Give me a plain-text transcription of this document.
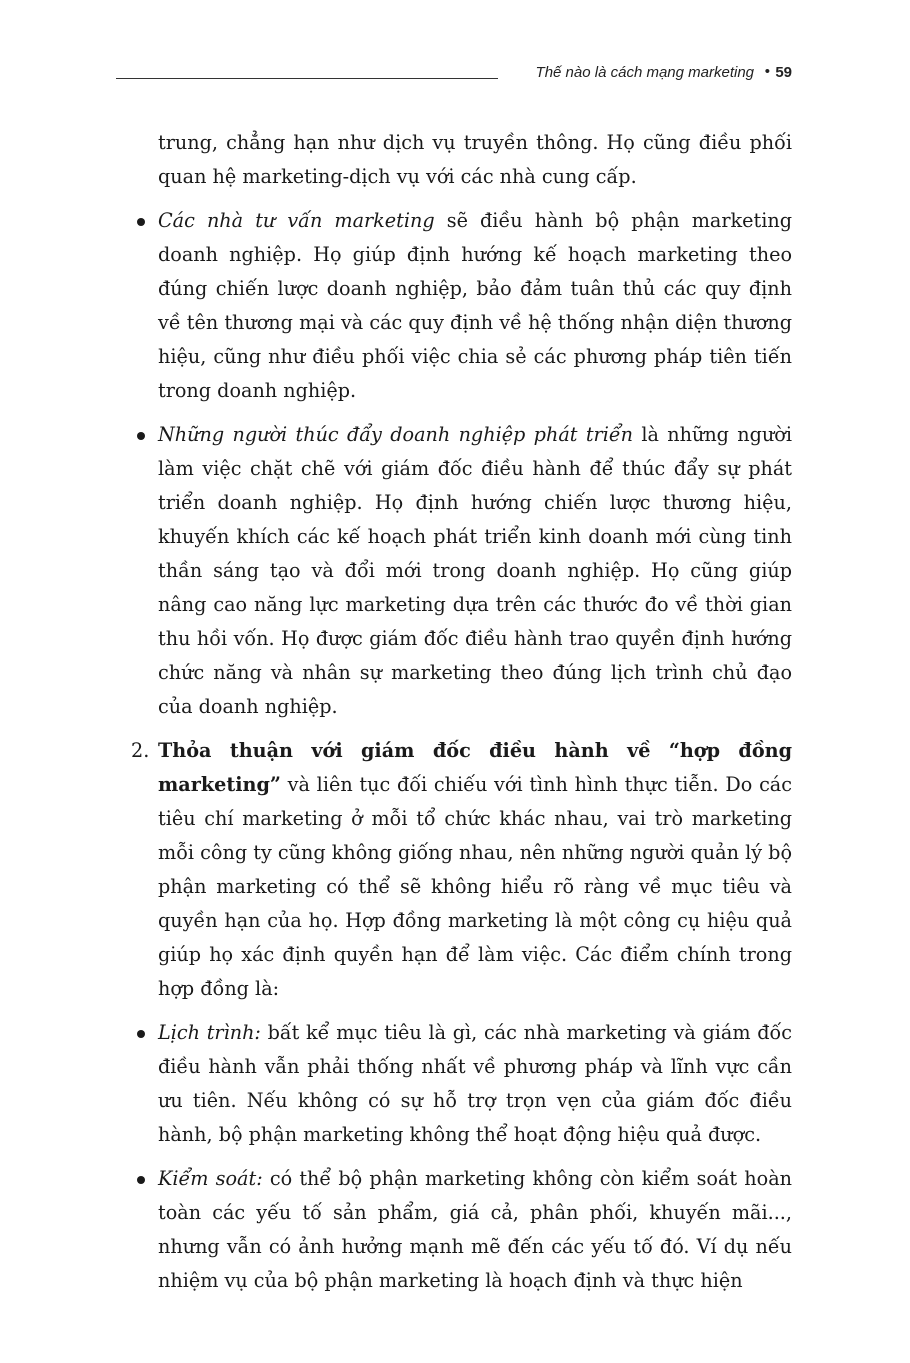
Thế nào là cách mạng marketing • 59

trung, chẳng hạn như dịch vụ truyền thông. Họ cũng điều phối quan hệ marketing-dịch vụ với các nhà cung cấp.

Các nhà tư vấn marketing sẽ điều hành bộ phận marketing doanh nghiệp. Họ giúp định hướng kế hoạch marketing theo đúng chiến lược doanh nghiệp, bảo đảm tuân thủ các quy định về tên thương mại và các quy định về hệ thống nhận diện thương hiệu, cũng như điều phối việc chia sẻ các phương pháp tiên tiến trong doanh nghiệp.
Những người thúc đẩy doanh nghiệp phát triển là những người làm việc chặt chẽ với giám đốc điều hành để thúc đẩy sự phát triển doanh nghiệp. Họ định hướng chiến lược thương hiệu, khuyến khích các kế hoạch phát triển kinh doanh mới cùng tinh thần sáng tạo và đổi mới trong doanh nghiệp. Họ cũng giúp nâng cao năng lực marketing dựa trên các thước đo về thời gian thu hồi vốn. Họ được giám đốc điều hành trao quyền định hướng chức năng và nhân sự marketing theo đúng lịch trình chủ đạo của doanh nghiệp.
2. Thỏa thuận với giám đốc điều hành về “hợp đồng marketing” và liên tục đối chiếu với tình hình thực tiễn. Do các tiêu chí marketing ở mỗi tổ chức khác nhau, vai trò marketing mỗi công ty cũng không giống nhau, nên những người quản lý bộ phận marketing có thể sẽ không hiểu rõ ràng về mục tiêu và quyền hạn của họ. Hợp đồng marketing là một công cụ hiệu quả giúp họ xác định quyền hạn để làm việc. Các điểm chính trong hợp đồng là:
Lịch trình: bất kể mục tiêu là gì, các nhà marketing và giám đốc điều hành vẫn phải thống nhất về phương pháp và lĩnh vực cần ưu tiên. Nếu không có sự hỗ trợ trọn vẹn của giám đốc điều hành, bộ phận marketing không thể hoạt động hiệu quả được.
Kiểm soát: có thể bộ phận marketing không còn kiểm soát hoàn toàn các yếu tố sản phẩm, giá cả, phân phối, khuyến mãi..., nhưng vẫn có ảnh hưởng mạnh mẽ đến các yếu tố đó. Ví dụ nếu nhiệm vụ của bộ phận marketing là hoạch định và thực hiện
